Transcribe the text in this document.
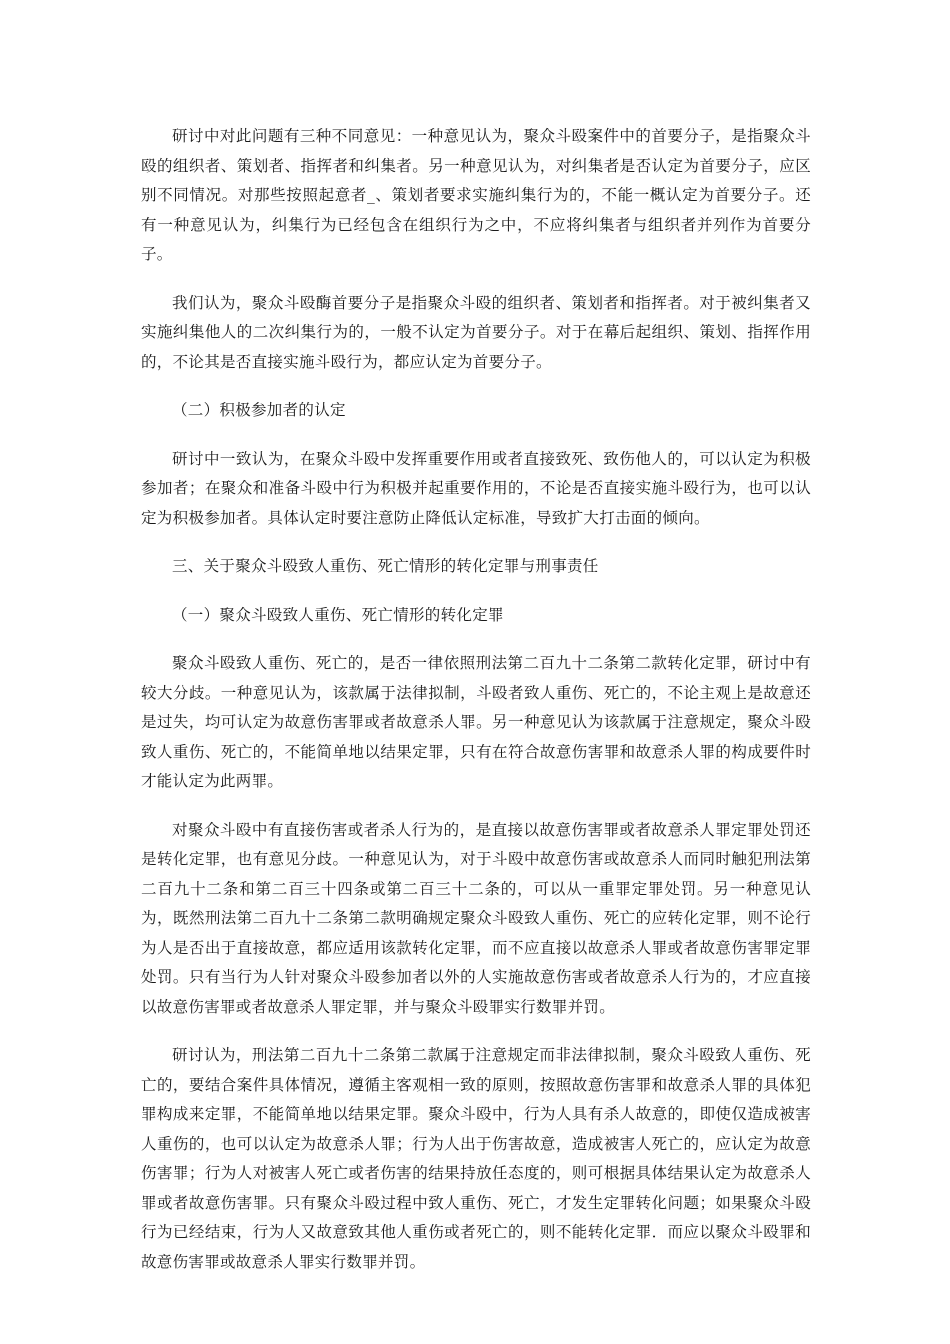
研讨中对此问题有三种不同意见：一种意见认为，聚众斗殴案件中的首要分子，是指聚众斗殴的组织者、策划者、指挥者和纠集者。另一种意见认为，对纠集者是否认定为首要分子，应区别不同情况。对那些按照起意者_、策划者要求实施纠集行为的，不能一概认定为首要分子。还有一种意见认为，纠集行为已经包含在组织行为之中，不应将纠集者与组织者并列作为首要分子。

我们认为，聚众斗殴酶首要分子是指聚众斗殴的组织者、策划者和指挥者。对于被纠集者又实施纠集他人的二次纠集行为的，一般不认定为首要分子。对于在幕后起组织、策划、指挥作用的，不论其是否直接实施斗殴行为，都应认定为首要分子。

（二）积极参加者的认定

研讨中一致认为，在聚众斗殴中发挥重要作用或者直接致死、致伤他人的，可以认定为积极参加者；在聚众和准备斗殴中行为积极并起重要作用的，不论是否直接实施斗殴行为，也可以认定为积极参加者。具体认定时要注意防止降低认定标准，导致扩大打击面的倾向。

三、关于聚众斗殴致人重伤、死亡情形的转化定罪与刑事责任

（一）聚众斗殴致人重伤、死亡情形的转化定罪

聚众斗殴致人重伤、死亡的，是否一律依照刑法第二百九十二条第二款转化定罪，研讨中有较大分歧。一种意见认为，该款属于法律拟制，斗殴者致人重伤、死亡的，不论主观上是故意还是过失，均可认定为故意伤害罪或者故意杀人罪。另一种意见认为该款属于注意规定，聚众斗殴致人重伤、死亡的，不能简单地以结果定罪，只有在符合故意伤害罪和故意杀人罪的构成要件时才能认定为此两罪。

对聚众斗殴中有直接伤害或者杀人行为的，是直接以故意伤害罪或者故意杀人罪定罪处罚还是转化定罪，也有意见分歧。一种意见认为，对于斗殴中故意伤害或故意杀人而同时触犯刑法第二百九十二条和第二百三十四条或第二百三十二条的，可以从一重罪定罪处罚。另一种意见认为，既然刑法第二百九十二条第二款明确规定聚众斗殴致人重伤、死亡的应转化定罪，则不论行为人是否出于直接故意，都应适用该款转化定罪，而不应直接以故意杀人罪或者故意伤害罪定罪处罚。只有当行为人针对聚众斗殴参加者以外的人实施故意伤害或者故意杀人行为的，才应直接以故意伤害罪或者故意杀人罪定罪，并与聚众斗殴罪实行数罪并罚。

研讨认为，刑法第二百九十二条第二款属于注意规定而非法律拟制，聚众斗殴致人重伤、死亡的，要结合案件具体情况，遵循主客观相一致的原则，按照故意伤害罪和故意杀人罪的具体犯罪构成来定罪，不能简单地以结果定罪。聚众斗殴中，行为人具有杀人故意的，即使仅造成被害人重伤的，也可以认定为故意杀人罪；行为人出于伤害故意，造成被害人死亡的，应认定为故意伤害罪；行为人对被害人死亡或者伤害的结果持放任态度的，则可根据具体结果认定为故意杀人罪或者故意伤害罪。只有聚众斗殴过程中致人重伤、死亡，才发生定罪转化问题；如果聚众斗殴行为已经结束，行为人又故意致其他人重伤或者死亡的，则不能转化定罪．而应以聚众斗殴罪和故意伤害罪或故意杀人罪实行数罪并罚。
